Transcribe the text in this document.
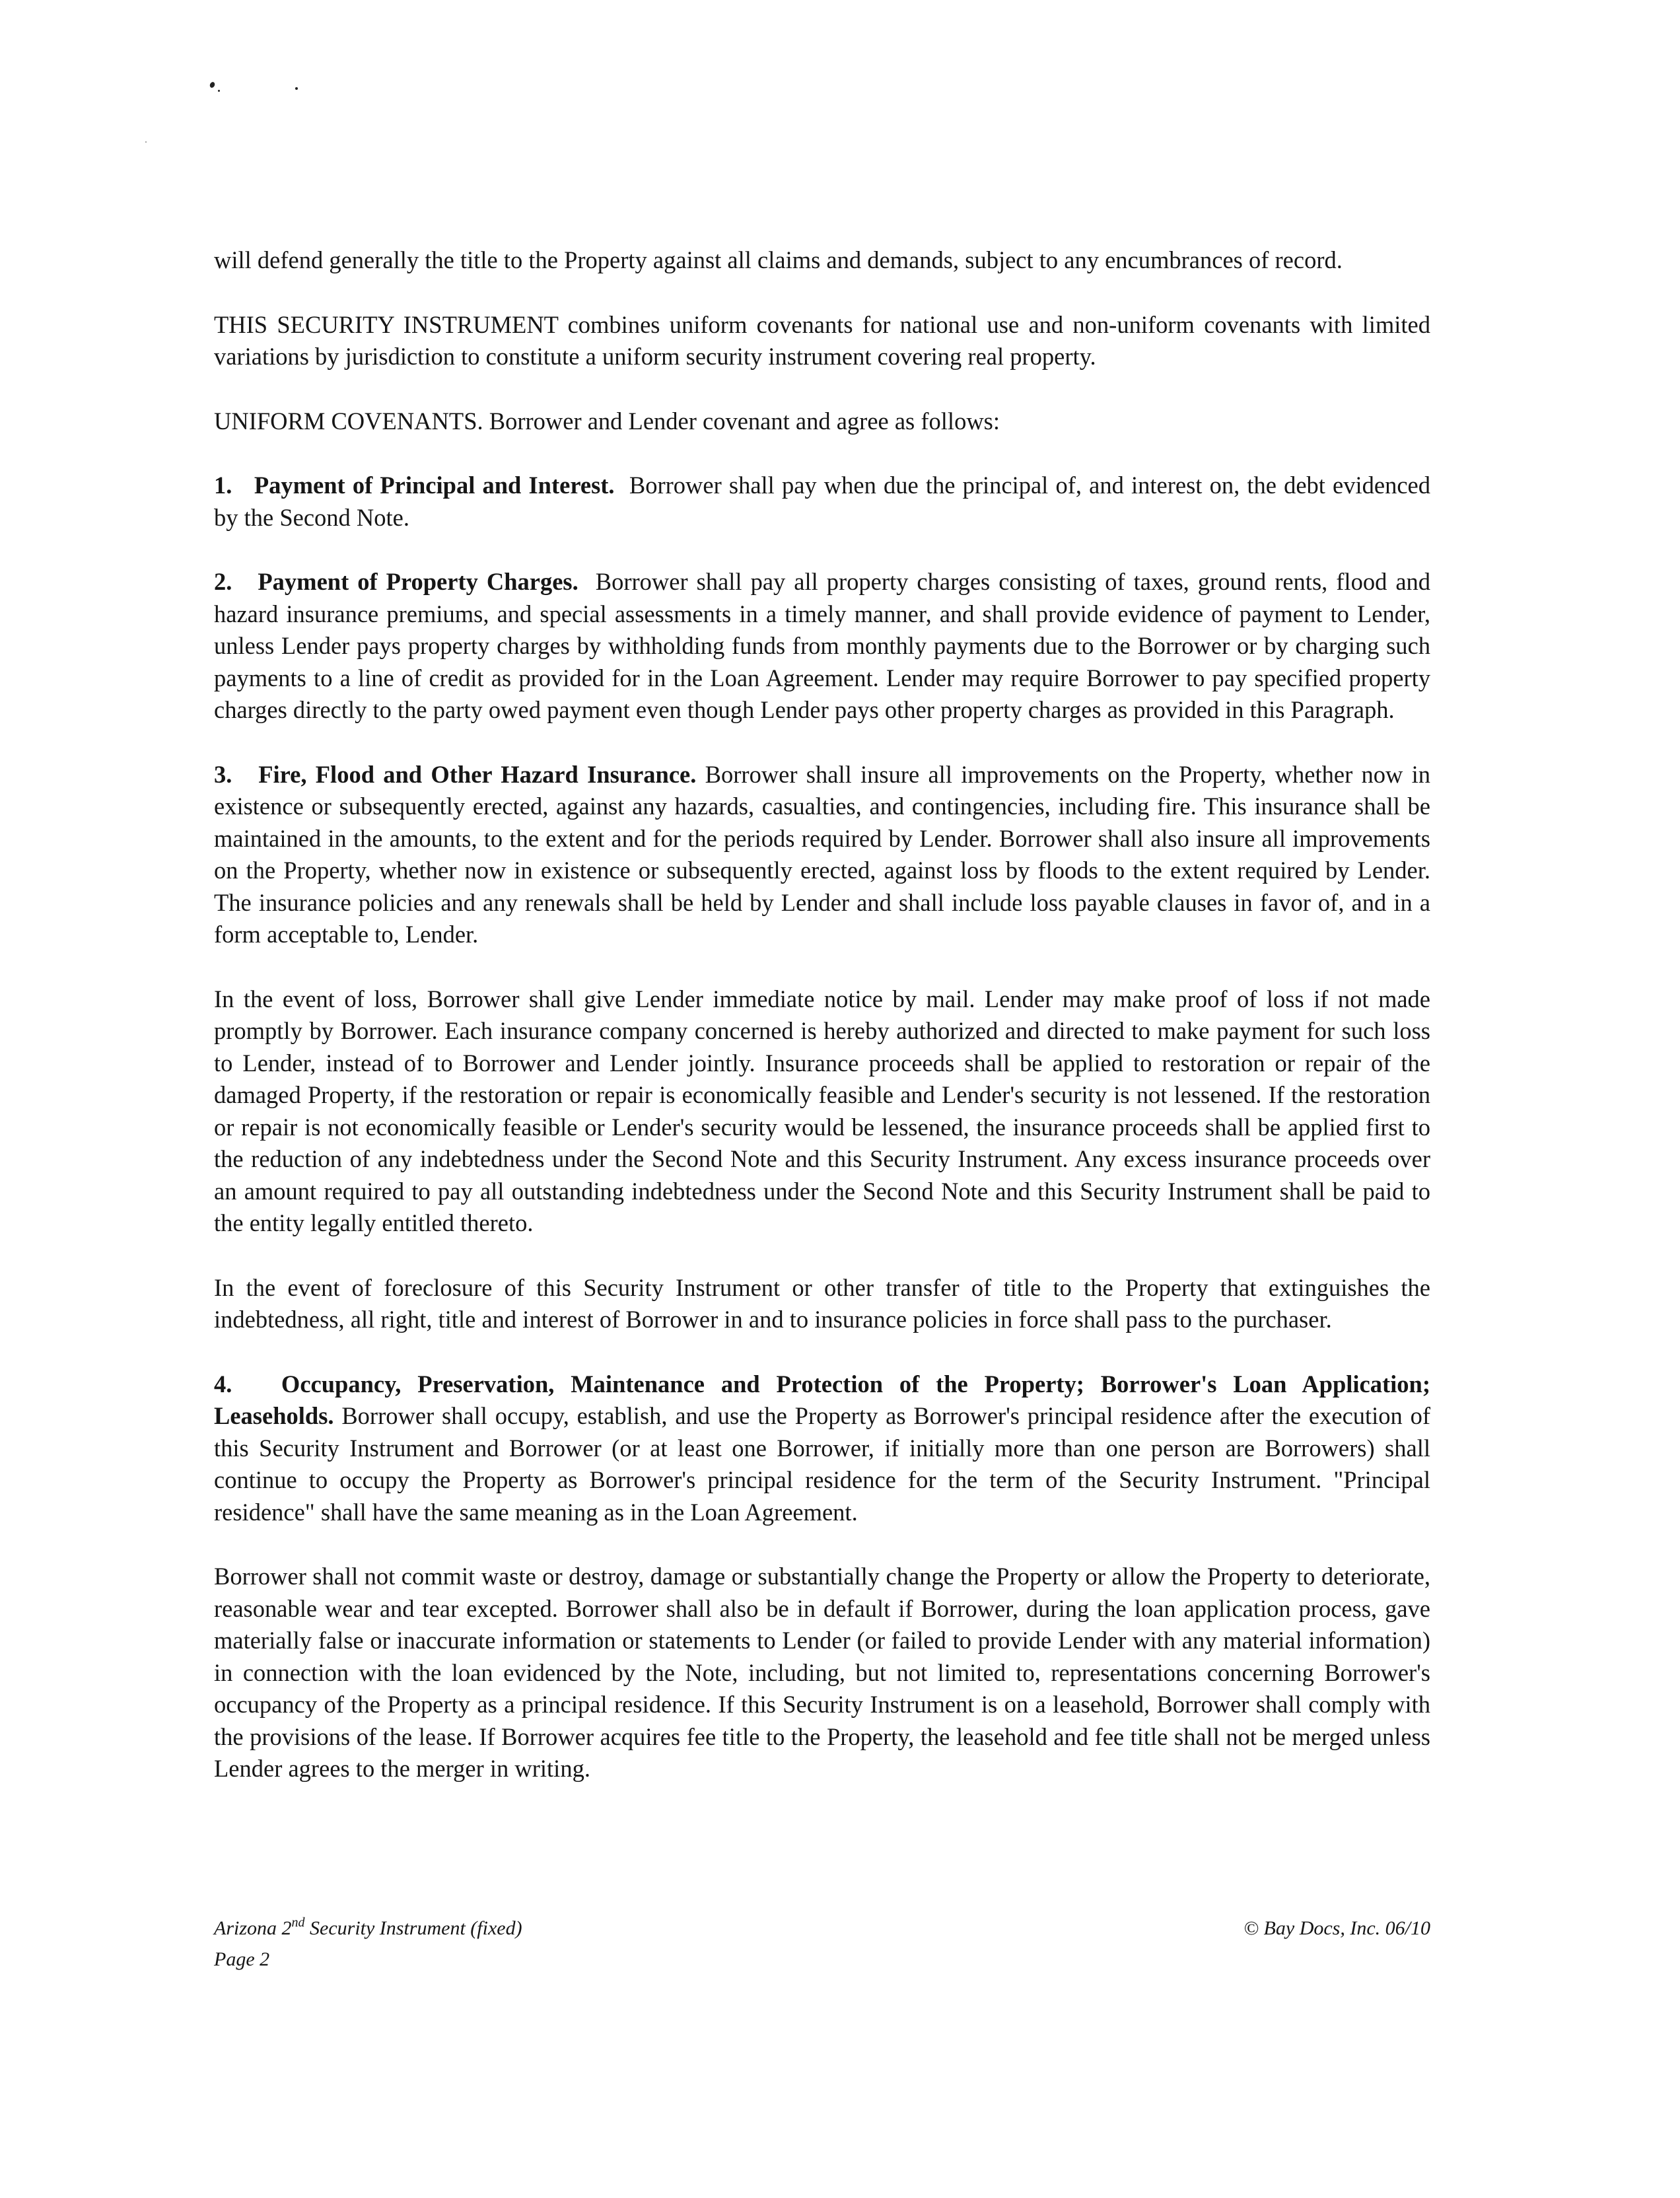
will defend generally the title to the Property against all claims and demands, subject to any encumbrances of record.

THIS SECURITY INSTRUMENT combines uniform covenants for national use and non-uniform covenants with limited variations by jurisdiction to constitute a uniform security instrument covering real property.

UNIFORM COVENANTS. Borrower and Lender covenant and agree as follows:

1. Payment of Principal and Interest. Borrower shall pay when due the principal of, and interest on, the debt evidenced by the Second Note.

2. Payment of Property Charges. Borrower shall pay all property charges consisting of taxes, ground rents, flood and hazard insurance premiums, and special assessments in a timely manner, and shall provide evidence of payment to Lender, unless Lender pays property charges by withholding funds from monthly payments due to the Borrower or by charging such payments to a line of credit as provided for in the Loan Agreement. Lender may require Borrower to pay specified property charges directly to the party owed payment even though Lender pays other property charges as provided in this Paragraph.

3. Fire, Flood and Other Hazard Insurance. Borrower shall insure all improvements on the Property, whether now in existence or subsequently erected, against any hazards, casualties, and contingencies, including fire. This insurance shall be maintained in the amounts, to the extent and for the periods required by Lender. Borrower shall also insure all improvements on the Property, whether now in existence or subsequently erected, against loss by floods to the extent required by Lender. The insurance policies and any renewals shall be held by Lender and shall include loss payable clauses in favor of, and in a form acceptable to, Lender.

In the event of loss, Borrower shall give Lender immediate notice by mail. Lender may make proof of loss if not made promptly by Borrower. Each insurance company concerned is hereby authorized and directed to make payment for such loss to Lender, instead of to Borrower and Lender jointly. Insurance proceeds shall be applied to restoration or repair of the damaged Property, if the restoration or repair is economically feasible and Lender's security is not lessened. If the restoration or repair is not economically feasible or Lender's security would be lessened, the insurance proceeds shall be applied first to the reduction of any indebtedness under the Second Note and this Security Instrument. Any excess insurance proceeds over an amount required to pay all outstanding indebtedness under the Second Note and this Security Instrument shall be paid to the entity legally entitled thereto.

In the event of foreclosure of this Security Instrument or other transfer of title to the Property that extinguishes the indebtedness, all right, title and interest of Borrower in and to insurance policies in force shall pass to the purchaser.

4. Occupancy, Preservation, Maintenance and Protection of the Property; Borrower's Loan Application; Leaseholds. Borrower shall occupy, establish, and use the Property as Borrower's principal residence after the execution of this Security Instrument and Borrower (or at least one Borrower, if initially more than one person are Borrowers) shall continue to occupy the Property as Borrower's principal residence for the term of the Security Instrument. "Principal residence" shall have the same meaning as in the Loan Agreement.

Borrower shall not commit waste or destroy, damage or substantially change the Property or allow the Property to deteriorate, reasonable wear and tear excepted. Borrower shall also be in default if Borrower, during the loan application process, gave materially false or inaccurate information or statements to Lender (or failed to provide Lender with any material information) in connection with the loan evidenced by the Note, including, but not limited to, representations concerning Borrower's occupancy of the Property as a principal residence. If this Security Instrument is on a leasehold, Borrower shall comply with the provisions of the lease. If Borrower acquires fee title to the Property, the leasehold and fee title shall not be merged unless Lender agrees to the merger in writing.

Arizona 2nd Security Instrument (fixed)
Page 2
© Bay Docs, Inc. 06/10
